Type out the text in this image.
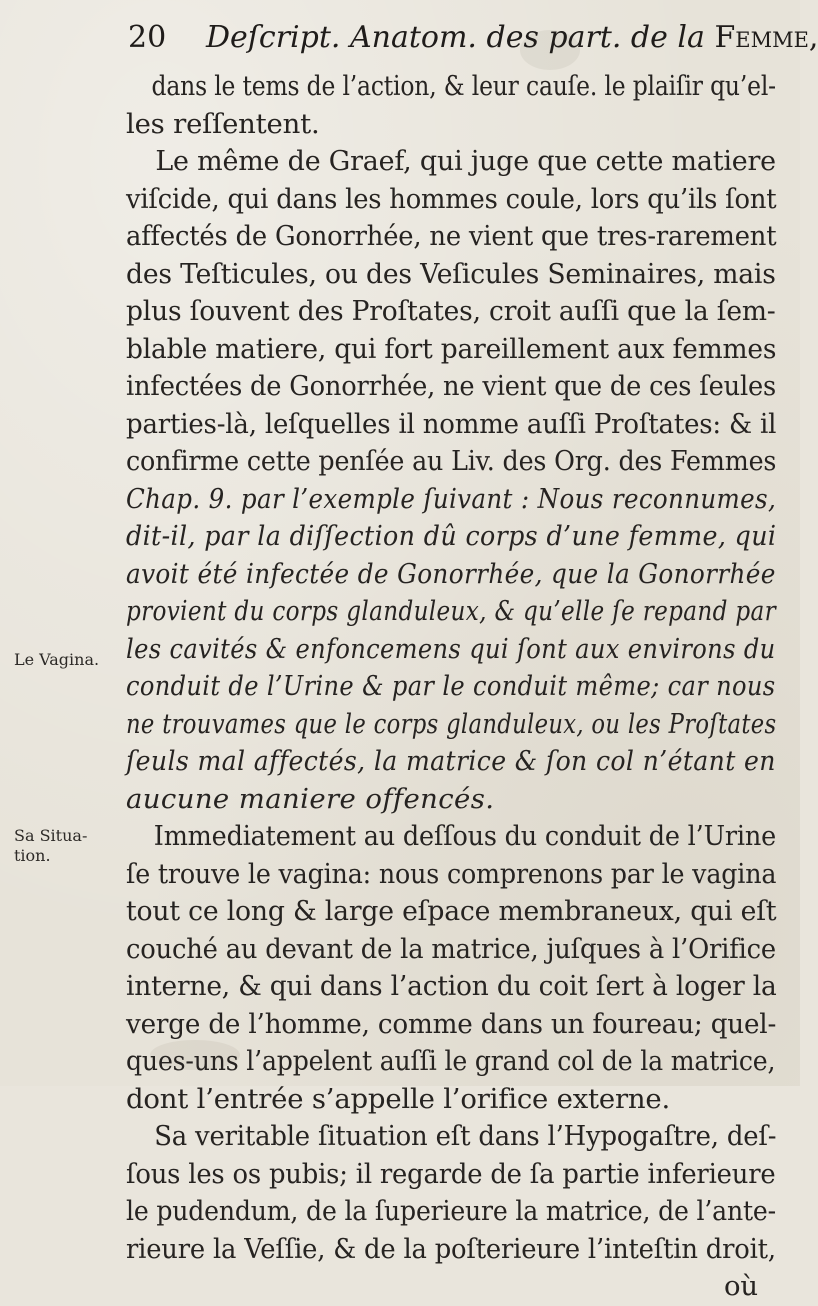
20 Deſcript. Anatom. des part. de la Femme,
Le Vagina.
Sa Situa-
tion.
dans le tems de l’action, & leur cauſe. le plaiſir qu’el-
les reſſentent.
Le même de Graef, qui juge que cette matiere
viſcide, qui dans les hommes coule, lors qu’ils ſont
affectés de Gonorrhée, ne vient que tres-rarement
des Teſticules, ou des Veſicules Seminaires, mais
plus ſouvent des Proſtates, croit auſſi que la ſem-
blable matiere, qui fort pareillement aux femmes
infectées de Gonorrhée, ne vient que de ces ſeules
parties-là, leſquelles il nomme auſſi Proſtates: & il
confirme cette penſée au Liv. des Org. des Femmes
Chap. 9. par l’exemple ſuivant : Nous reconnumes,
dit-il, par la diſſection dû corps d’une femme, qui
avoit été infectée de Gonorrhée, que la Gonorrhée
provient du corps glanduleux, & qu’elle ſe repand par
les cavités & enfoncemens qui ſont aux environs du
conduit de l’Urine & par le conduit même; car nous
ne trouvames que le corps glanduleux, ou les Proſtates
ſeuls mal affectés, la matrice & ſon col n’étant en
aucune maniere offencés.
Immediatement au deſſous du conduit de l’Urine
ſe trouve le vagina: nous comprenons par le vagina
tout ce long & large eſpace membraneux, qui eſt
couché au devant de la matrice, juſques à l’Orifice
interne, & qui dans l’action du coit ſert à loger la
verge de l’homme, comme dans un foureau; quel-
ques-uns l’appelent auſſi le grand col de la matrice,
dont l’entrée s’appelle l’orifice externe.
Sa veritable ſituation eſt dans l’Hypogaſtre, deſ-
ſous les os pubis; il regarde de ſa partie inferieure
le pudendum, de la ſuperieure la matrice, de l’ante-
rieure la Veſſie, & de la poſterieure l’inteſtin droit,
où
